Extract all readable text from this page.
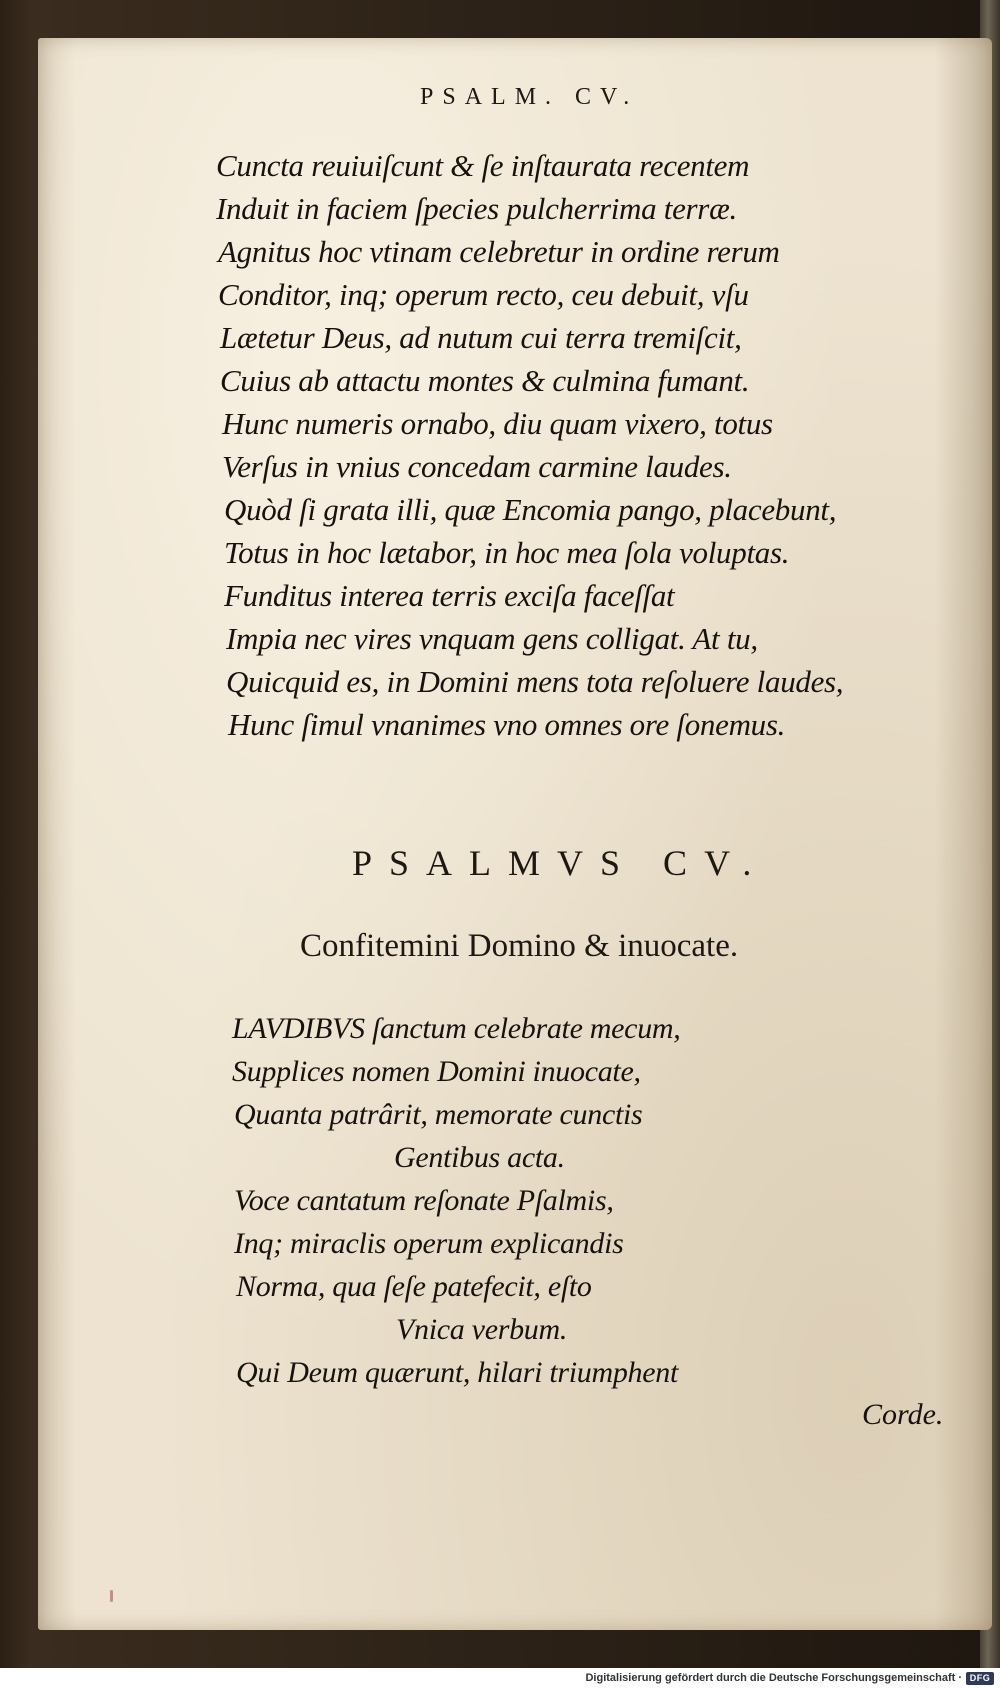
PSALM. CV.
Cuncta reuiuiſcunt & ſe inſtaurata recentem
Induit in faciem ſpecies pulcherrima terræ.
Agnitus hoc vtinam celebretur in ordine rerum
Conditor, inq; operum recto, ceu debuit, vſu
Lætetur Deus, ad nutum cui terra tremiſcit,
Cuius ab attactu montes & culmina fumant.
Hunc numeris ornabo, diu quam vixero, totus
Verſus in vnius concedam carmine laudes.
Quòd ſi grata illi, quæ Encomia pango, placebunt,
Totus in hoc lætabor, in hoc mea ſola voluptas.
Funditus interea terris exciſa faceſſat
Impia nec vires vnquam gens colligat. At tu,
Quicquid es, in Domini mens tota reſoluere laudes,
Hunc ſimul vnanimes vno omnes ore ſonemus.
PSALMVS CV.
Confitemini Domino & inuocate.
LAVDIBVS ſanctum celebrate mecum,
Supplices nomen Domini inuocate,
Quanta patrârit, memorate cunctis
Gentibus acta.
Voce cantatum reſonate Pſalmis,
Inq; miraclis operum explicandis
Norma, qua ſeſe patefecit, eſto
Vnica verbum.
Qui Deum quærunt, hilari triumphent
Corde.
Digitalisierung gefördert durch die Deutsche Forschungsgemeinschaft · DFG
